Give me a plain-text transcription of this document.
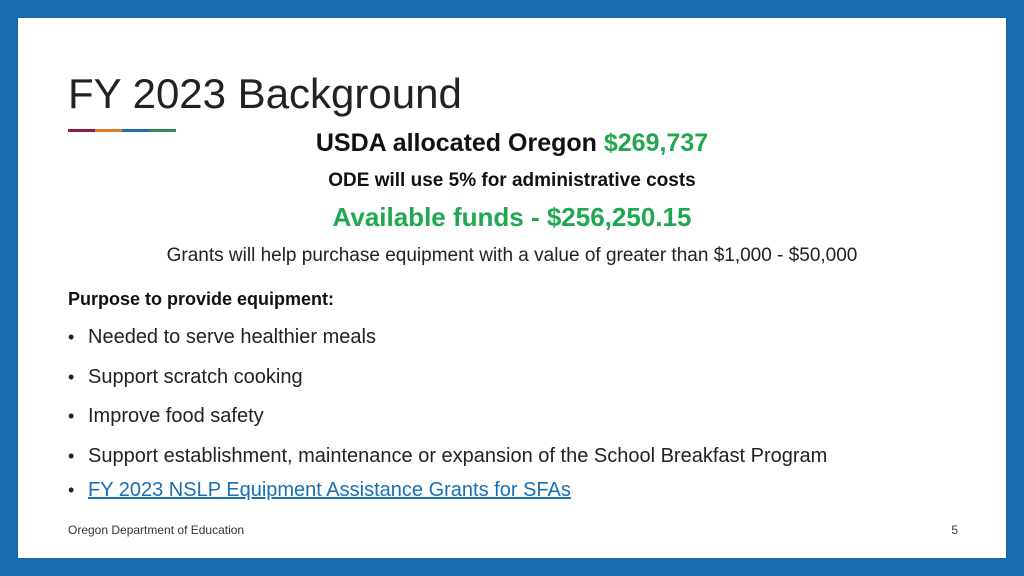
FY 2023 Background
USDA allocated Oregon $269,737
ODE will use 5% for administrative costs
Available funds - $256,250.15
Grants will help purchase equipment with a value of greater than $1,000 - $50,000
Purpose to provide equipment:
• Needed to serve healthier meals
• Support scratch cooking
• Improve food safety
• Support establishment, maintenance or expansion of the School Breakfast Program
• FY 2023 NSLP Equipment Assistance Grants for SFAs
Oregon Department of Education	5
